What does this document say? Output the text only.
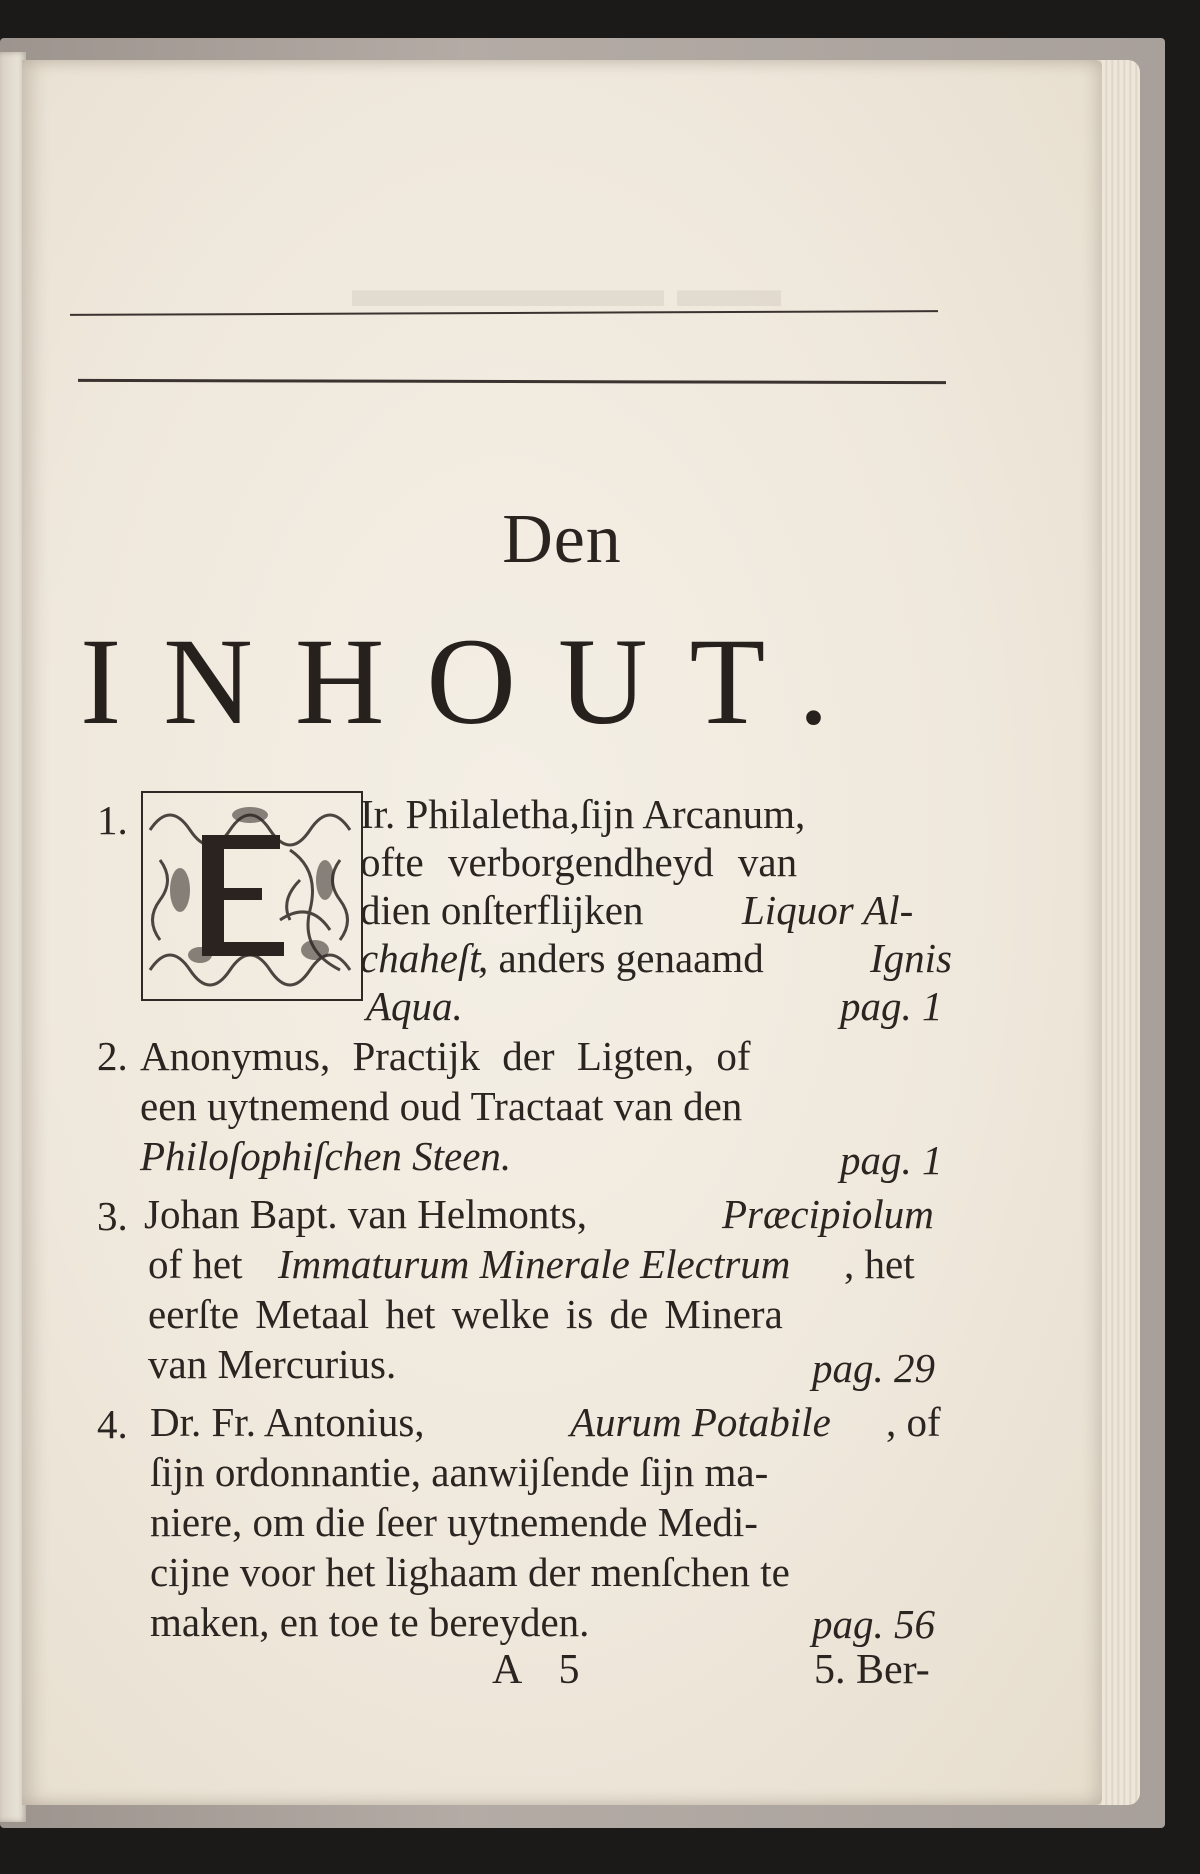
▬▬ ▬▬▬▬▬▬
Den
INHOUT.
1.	Ir. Philaletha,ſijn Arcanum,
ofte verborgendheyd van
dien onſterflijken Liquor Al-
chaheſt
, anders genaamd	Ignis
Aqua.	pag. 1
2. Anonymus, Practijk der Ligten, of
een uytnemend oud Tractaat van den
Philoſophiſchen Steen.	pag. 1
3. Johan Bapt. van Helmonts,	Præcipiolum
of het Immaturum Minerale Electrum , het
eerſte Metaal het welke is de Minera
van Mercurius.	pag. 29
4. Dr. Fr. Antonius,	Aurum Potabile , of
ſijn ordonnantie, aanwijſende ſijn ma-
niere, om die ſeer uytnemende Medi-
cijne voor het lighaam der menſchen te
maken, en toe te bereyden.	pag. 56
A 5	5. Ber-
